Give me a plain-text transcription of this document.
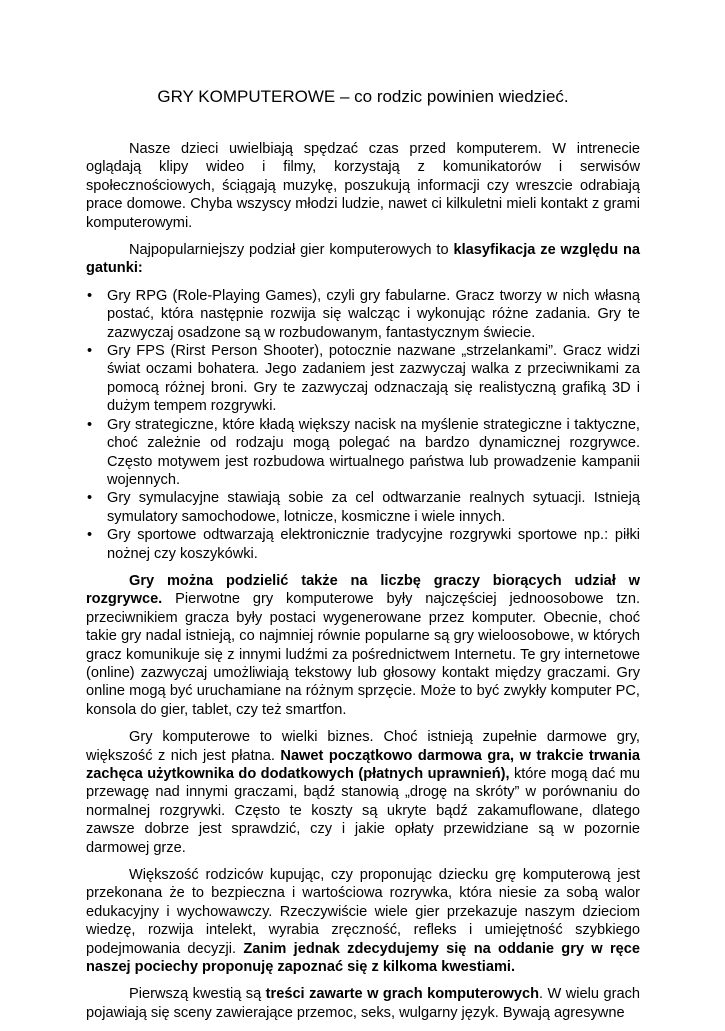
GRY KOMPUTEROWE – co rodzic powinien wiedzieć.

Nasze dzieci uwielbiają spędzać czas przed komputerem. W intrenecie oglądają klipy wideo i filmy, korzystają z komunikatorów i serwisów społecznościowych, ściągają muzykę, poszukują informacji czy wreszcie odrabiają prace domowe. Chyba wszyscy młodzi ludzie, nawet ci kilkuletni mieli kontakt z grami komputerowymi.

Najpopularniejszy podział gier komputerowych to klasyfikacja ze względu na gatunki:

• Gry RPG (Role-Playing Games), czyli gry fabularne. Gracz tworzy w nich własną postać, która następnie rozwija się walcząc i wykonując różne zadania. Gry te zazwyczaj osadzone są w rozbudowanym, fantastycznym świecie.
• Gry FPS (Rirst Person Shooter), potocznie nazwane „strzelankami”. Gracz widzi świat oczami bohatera. Jego zadaniem jest zazwyczaj walka z przeciwnikami za pomocą różnej broni. Gry te zazwyczaj odznaczają się realistyczną grafiką 3D i dużym tempem rozgrywki.
• Gry strategiczne, które kładą większy nacisk na myślenie strategiczne i taktyczne, choć zależnie od rodzaju mogą polegać na bardzo dynamicznej rozgrywce. Często motywem jest rozbudowa wirtualnego państwa lub prowadzenie kampanii wojennych.
• Gry symulacyjne stawiają sobie za cel odtwarzanie realnych sytuacji. Istnieją symulatory samochodowe, lotnicze, kosmiczne i wiele innych.
• Gry sportowe odtwarzają elektronicznie tradycyjne rozgrywki sportowe np.: piłki nożnej czy koszykówki.

Gry można podzielić także na liczbę graczy biorących udział w rozgrywce. Pierwotne gry komputerowe były najczęściej jednoosobowe tzn. przeciwnikiem gracza były postaci wygenerowane przez komputer. Obecnie, choć takie gry nadal istnieją, co najmniej równie popularne są gry wieloosobowe, w których gracz komunikuje się z innymi ludźmi za pośrednictwem Internetu. Te gry internetowe (online) zazwyczaj umożliwiają tekstowy lub głosowy kontakt między graczami. Gry online mogą być uruchamiane na różnym sprzęcie. Może to być zwykły komputer PC, konsola do gier, tablet, czy też smartfon.

Gry komputerowe to wielki biznes. Choć istnieją zupełnie darmowe gry, większość z nich jest płatna. Nawet początkowo darmowa gra, w trakcie trwania zachęca użytkownika do dodatkowych (płatnych uprawnień), które mogą dać mu przewagę nad innymi graczami, bądź stanowią „drogę na skróty” w porównaniu do normalnej rozgrywki. Często te koszty są ukryte bądź zakamuflowane, dlatego zawsze dobrze jest sprawdzić, czy i jakie opłaty przewidziane są w pozornie darmowej grze.

Większość rodziców kupując, czy proponując dziecku grę komputerową jest przekonana że to bezpieczna i wartościowa rozrywka, która niesie za sobą walor edukacyjny i wychowawczy. Rzeczywiście wiele gier przekazuje naszym dzieciom wiedzę, rozwija intelekt, wyrabia zręczność, refleks i umiejętność szybkiego podejmowania decyzji. Zanim jednak zdecydujemy się na oddanie gry w ręce naszej pociechy proponuję zapoznać się z kilkoma kwestiami.

Pierwszą kwestią są treści zawarte w grach komputerowych. W wielu grach pojawiają się sceny zawierające przemoc, seks, wulgarny język. Bywają agresywne
